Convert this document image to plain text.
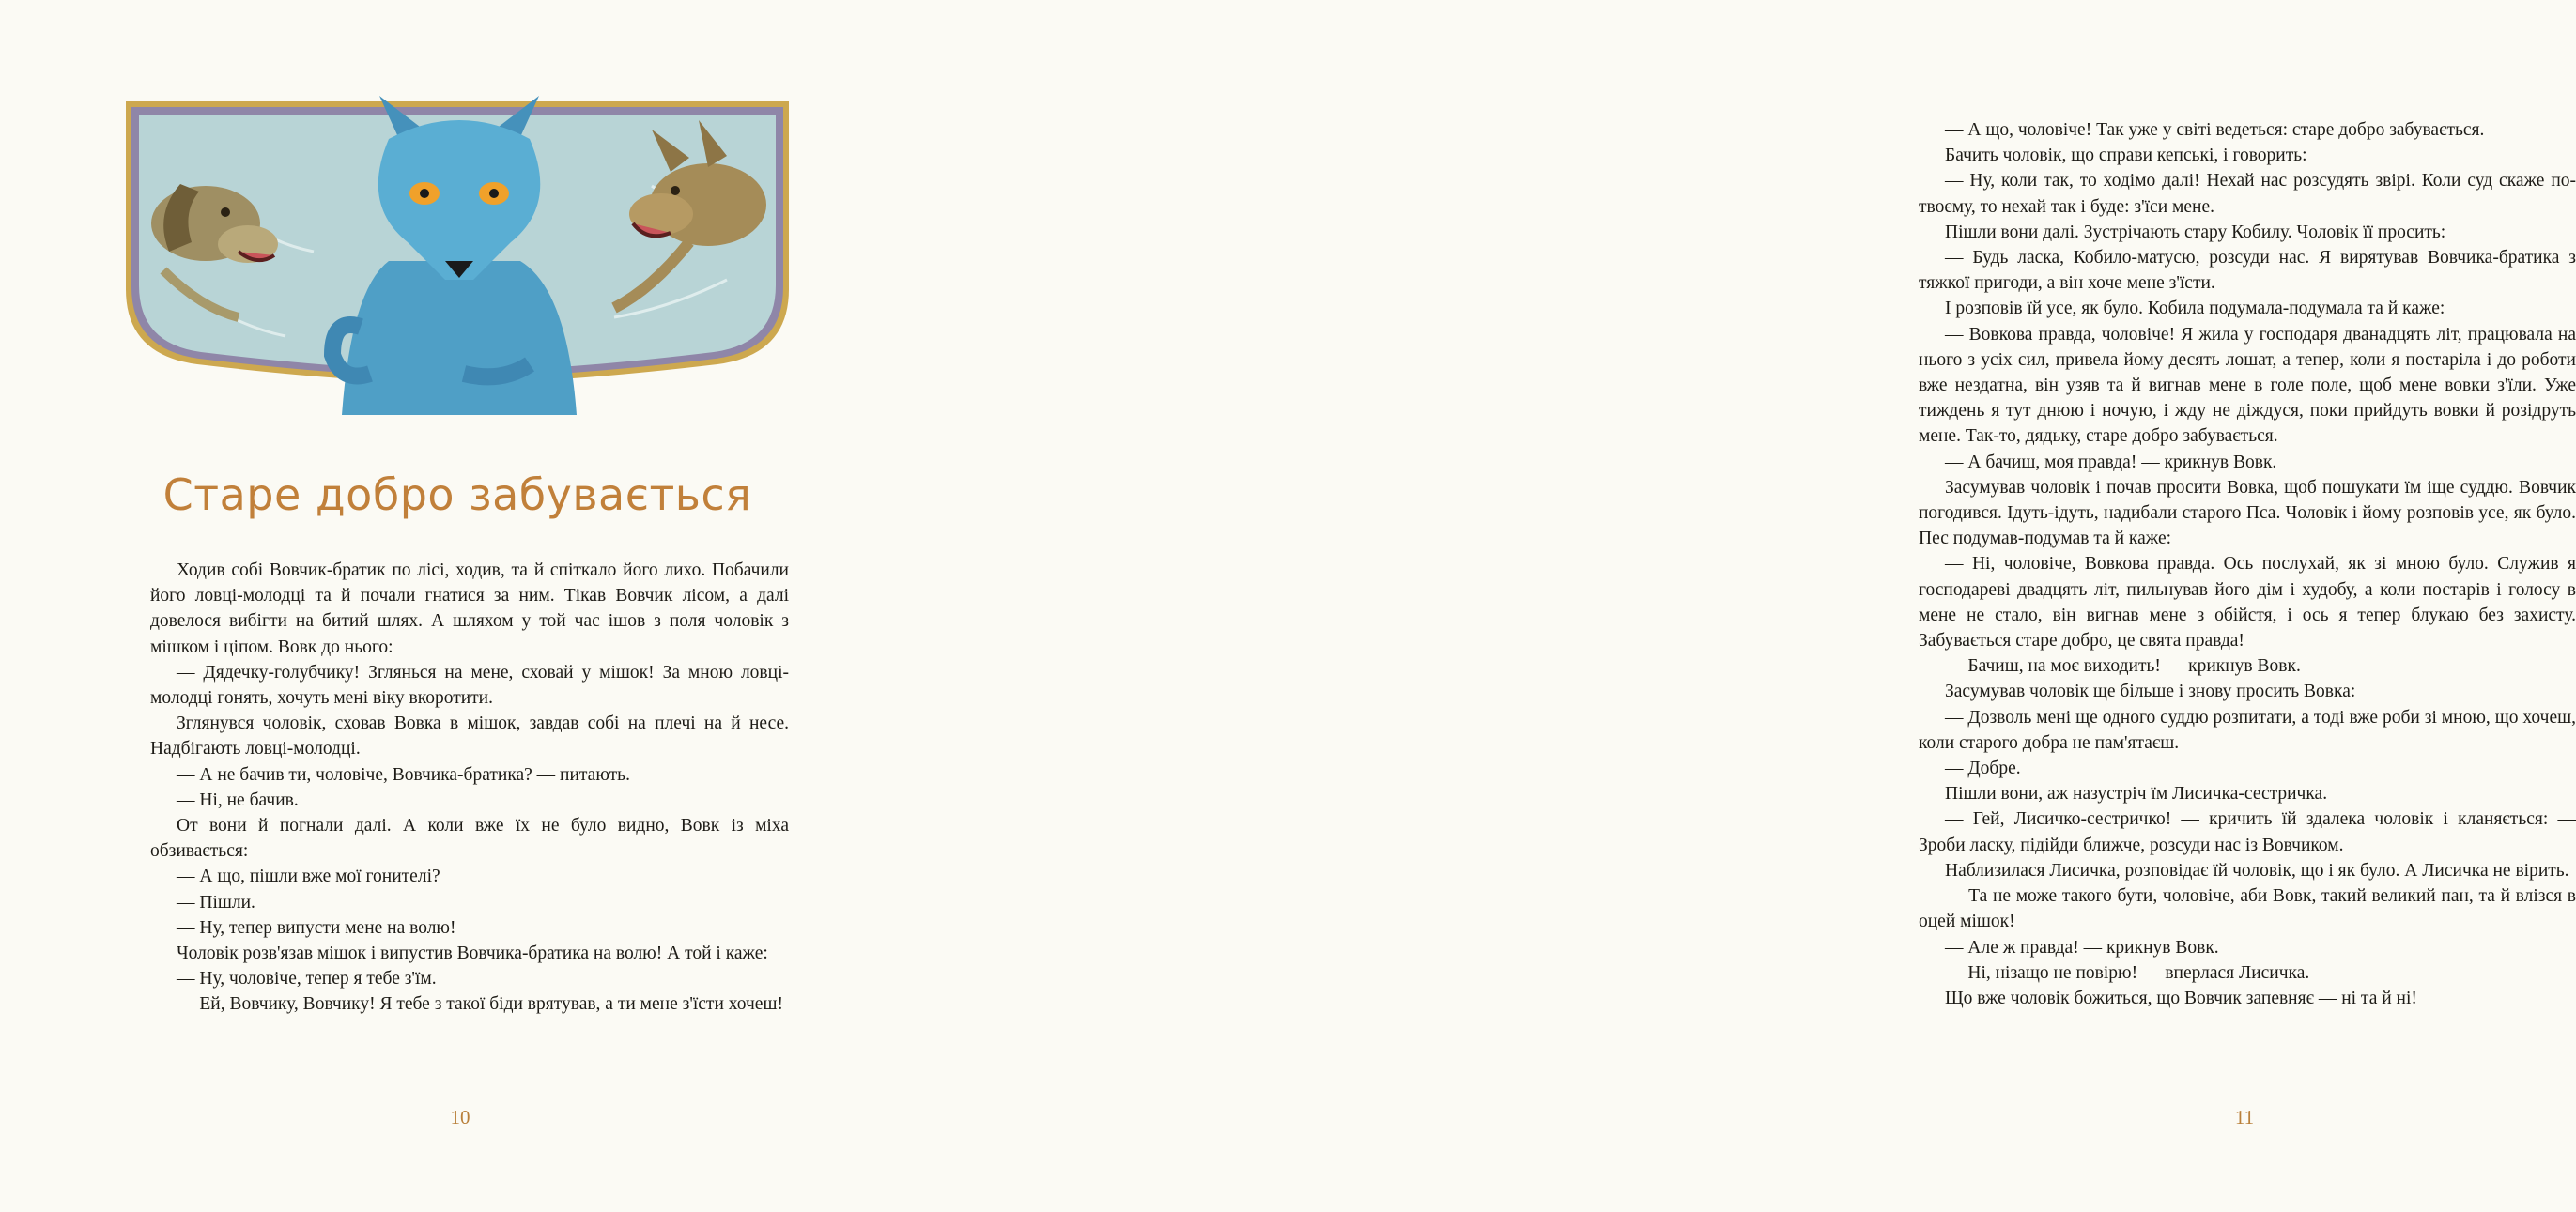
Старе добро забувається

Ходив собі Вовчик-братик по лісі, ходив, та й спіткало його лихо. Побачили його ловці-молодці та й почали гнатися за ним. Тікав Вовчик лісом, а далі довелося вибігти на битий шлях. А шляхом у той час ішов з поля чоловік з мішком і ціпом. Вовк до нього:

— Дядечку-голубчику! Зглянься на мене, сховай у мішок! За мною ловці-молодці гонять, хочуть мені віку вкоротити.

Зглянувся чоловік, сховав Вовка в мішок, завдав собі на плечі на й несе. Надбігають ловці-молодці.

— А не бачив ти, чоловіче, Вовчика-братика? — питають.

— Ні, не бачив.

От вони й погнали далі. А коли вже їх не було видно, Вовк із міха обзивається:

— А що, пішли вже мої гонителі?

— Пішли.

— Ну, тепер випусти мене на волю!

Чоловік розв'язав мішок і випустив Вовчика-братика на волю! А той і каже:

— Ну, чоловіче, тепер я тебе з'їм.

— Ей, Вовчику, Вовчику! Я тебе з такої біди врятував, а ти мене з'їсти хочеш!

10

— А що, чоловіче! Так уже у світі ведеться: старе добро забувається.

Бачить чоловік, що справи кепські, і говорить:

— Ну, коли так, то ходімо далі! Нехай нас розсудять звірі. Коли суд скаже по-твоєму, то нехай так і буде: з'їси мене.

Пішли вони далі. Зустрічають стару Кобилу. Чоловік її просить:

— Будь ласка, Кобило-матусю, розсуди нас. Я вирятував Вовчика-братика з тяжкої пригоди, а він хоче мене з'їсти.

І розповів їй усе, як було. Кобила подумала-подумала та й каже:

— Вовкова правда, чоловіче! Я жила у господаря дванадцять літ, працювала на нього з усіх сил, привела йому десять лошат, а тепер, коли я постаріла і до роботи вже нездатна, він узяв та й вигнав мене в голе поле, щоб мене вовки з'їли. Уже тиждень я тут днюю і ночую, і жду не діждуся, поки прийдуть вовки й розідруть мене. Так-то, дядьку, старе добро забувається.

— А бачиш, моя правда! — крикнув Вовк.

Засумував чоловік і почав просити Вовка, щоб пошукати їм іще суддю. Вовчик погодився. Ідуть-ідуть, надибали старого Пса. Чоловік і йому розповів усе, як було. Пес подумав-подумав та й каже:

— Ні, чоловіче, Вовкова правда. Ось послухай, як зі мною було. Служив я господареві двадцять літ, пильнував його дім і худобу, а коли постарів і голосу в мене не стало, він вигнав мене з обійстя, і ось я тепер блукаю без захисту. Забувається старе добро, це свята правда!

— Бачиш, на моє виходить! — крикнув Вовк.

Засумував чоловік ще більше і знову просить Вовка:

— Дозволь мені ще одного суддю розпитати, а тоді вже роби зі мною, що хочеш, коли старого добра не пам'ятаєш.

— Добре.

Пішли вони, аж назустріч їм Лисичка-сестричка.

— Гей, Лисичко-сестричко! — кричить їй здалека чоловік і кланяється: — Зроби ласку, підійди ближче, розсуди нас із Вовчиком.

Наблизилася Лисичка, розповідає їй чоловік, що і як було. А Лисичка не вірить.

— Та не може такого бути, чоловіче, аби Вовк, такий великий пан, та й влізся в оцей мішок!

— Але ж правда! — крикнув Вовк.

— Ні, нізащо не повірю! — вперлася Лисичка.

Що вже чоловік божиться, що Вовчик запевняє — ні та й ні!

11
